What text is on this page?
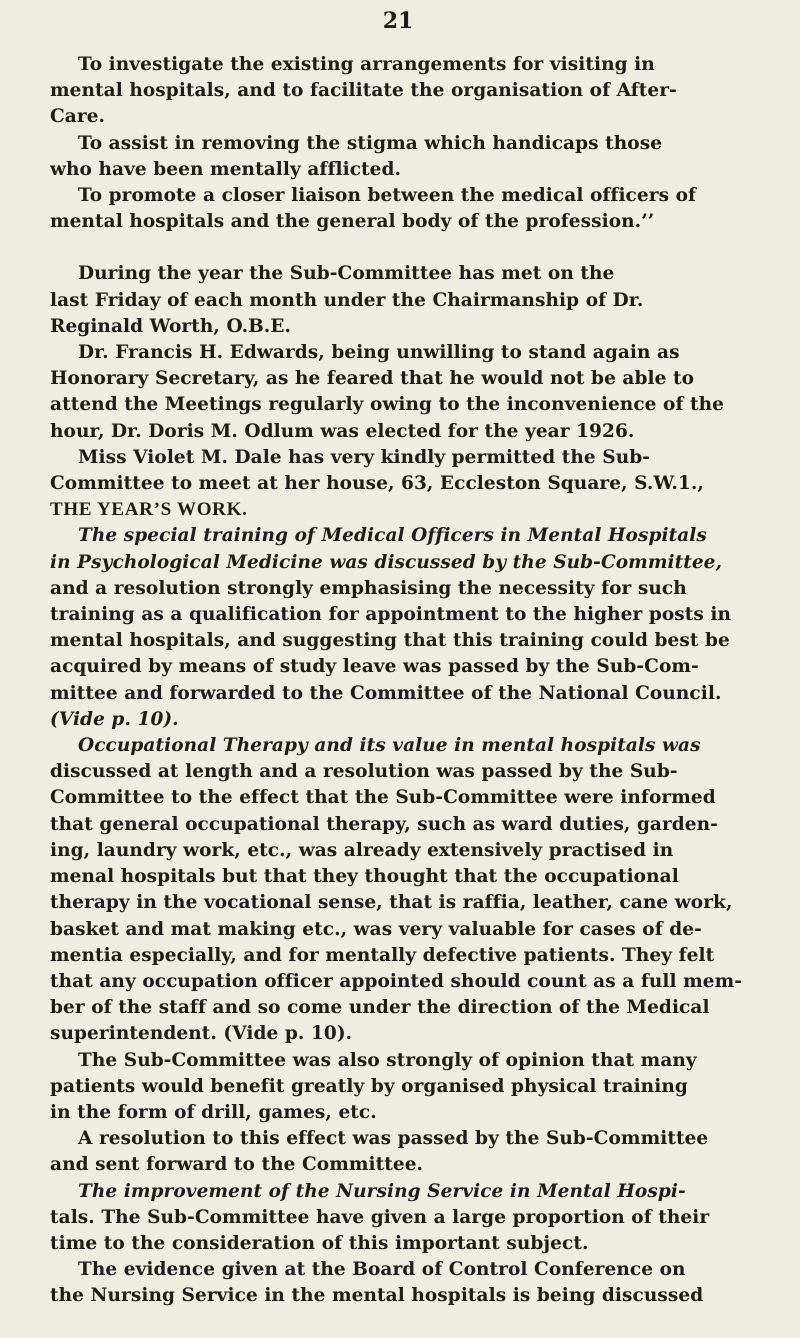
21

To investigate the existing arrangements for visiting in

mental hospitals, and to facilitate the organisation of After-

Care.

To assist in removing the stigma which handicaps those

who have been mentally afflicted.

To promote a closer liaison between the medical officers of

mental hospitals and the general body of the profession.’’

During the year the Sub-Committee has met on the

last Friday of each month under the Chairmanship of Dr.

Reginald Worth, O.B.E.

Dr. Francis H. Edwards, being unwilling to stand again as

Honorary Secretary, as he feared that he would not be able to

attend the Meetings regularly owing to the inconvenience of the

hour, Dr. Doris M. Odlum was elected for the year 1926.

Miss Violet M. Dale has very kindly permitted the Sub-

Committee to meet at her house, 63, Eccleston Square, S.W.1.,

THE YEAR’S WORK.

The special training of Medical Officers in Mental Hospitals

in Psychological Medicine was discussed by the Sub-Committee,

and a resolution strongly emphasising the necessity for such

training as a qualification for appointment to the higher posts in

mental hospitals, and suggesting that this training could best be

acquired by means of study leave was passed by the Sub-Com-

mittee and forwarded to the Committee of the National Council.

(Vide p. 10).

Occupational Therapy and its value in mental hospitals was

discussed at length and a resolution was passed by the Sub-

Committee to the effect that the Sub-Committee were informed

that general occupational therapy, such as ward duties, garden-

ing, laundry work, etc., was already extensively practised in

menal hospitals but that they thought that the occupational

therapy in the vocational sense, that is raffia, leather, cane work,

basket and mat making etc., was very valuable for cases of de-

mentia especially, and for mentally defective patients. They felt

that any occupation officer appointed should count as a full mem-

ber of the staff and so come under the direction of the Medical

superintendent. (Vide p. 10).

The Sub-Committee was also strongly of opinion that many

patients would benefit greatly by organised physical training

in the form of drill, games, etc.

A resolution to this effect was passed by the Sub-Committee

and sent forward to the Committee.

The improvement of the Nursing Service in Mental Hospi-

tals. The Sub-Committee have given a large proportion of their

time to the consideration of this important subject.

The evidence given at the Board of Control Conference on

the Nursing Service in the mental hospitals is being discussed
